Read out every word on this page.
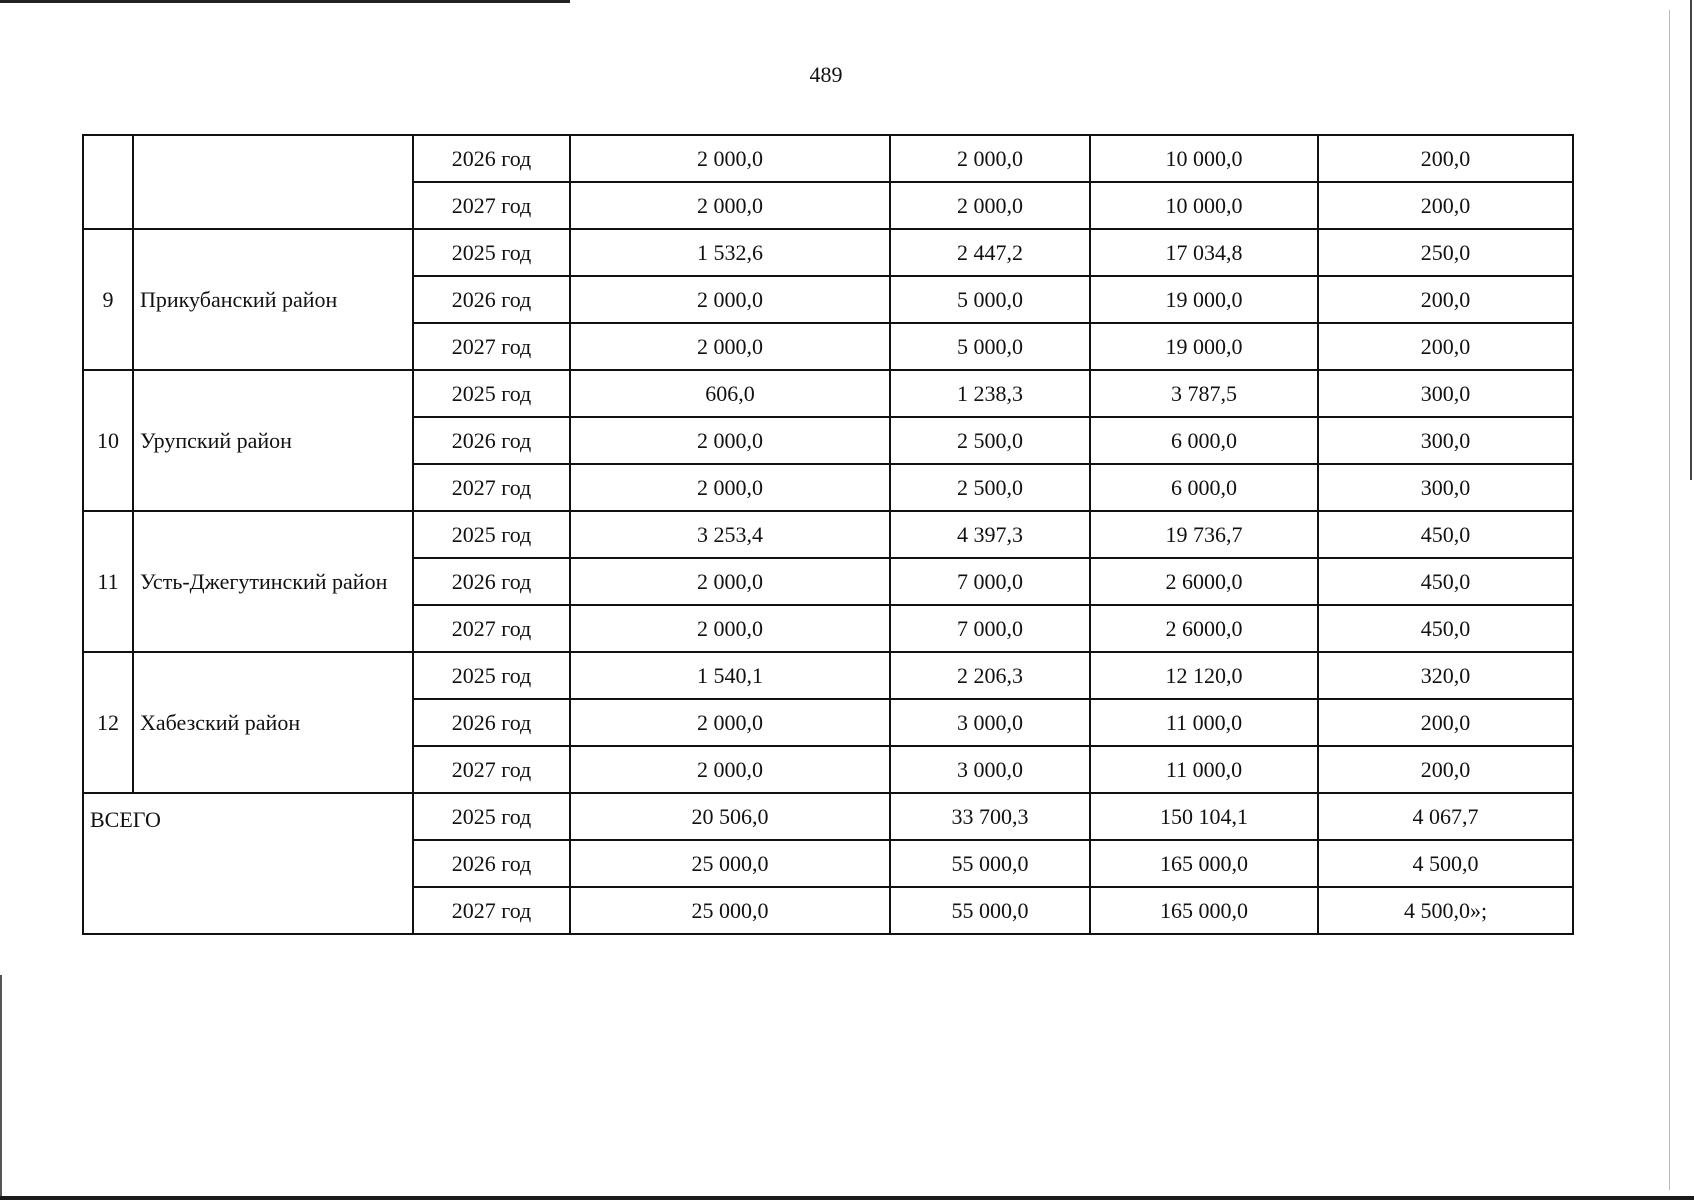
489
		2026 год	2 000,0	2 000,0	10 000,0	200,0
		2027 год	2 000,0	2 000,0	10 000,0	200,0
9	Прикубанский район	2025 год	1 532,6	2 447,2	17 034,8	250,0
		2026 год	2 000,0	5 000,0	19 000,0	200,0
		2027 год	2 000,0	5 000,0	19 000,0	200,0
10	Урупский район	2025 год	606,0	1 238,3	3 787,5	300,0
		2026 год	2 000,0	2 500,0	6 000,0	300,0
		2027 год	2 000,0	2 500,0	6 000,0	300,0
11	Усть-Джегутинский район	2025 год	3 253,4	4 397,3	19 736,7	450,0
		2026 год	2 000,0	7 000,0	2 6000,0	450,0
		2027 год	2 000,0	7 000,0	2 6000,0	450,0
12	Хабезский район	2025 год	1 540,1	2 206,3	12 120,0	320,0
		2026 год	2 000,0	3 000,0	11 000,0	200,0
		2027 год	2 000,0	3 000,0	11 000,0	200,0
ВСЕГО		2025 год	20 506,0	33 700,3	150 104,1	4 067,7
		2026 год	25 000,0	55 000,0	165 000,0	4 500,0
		2027 год	25 000,0	55 000,0	165 000,0	4 500,0»;
